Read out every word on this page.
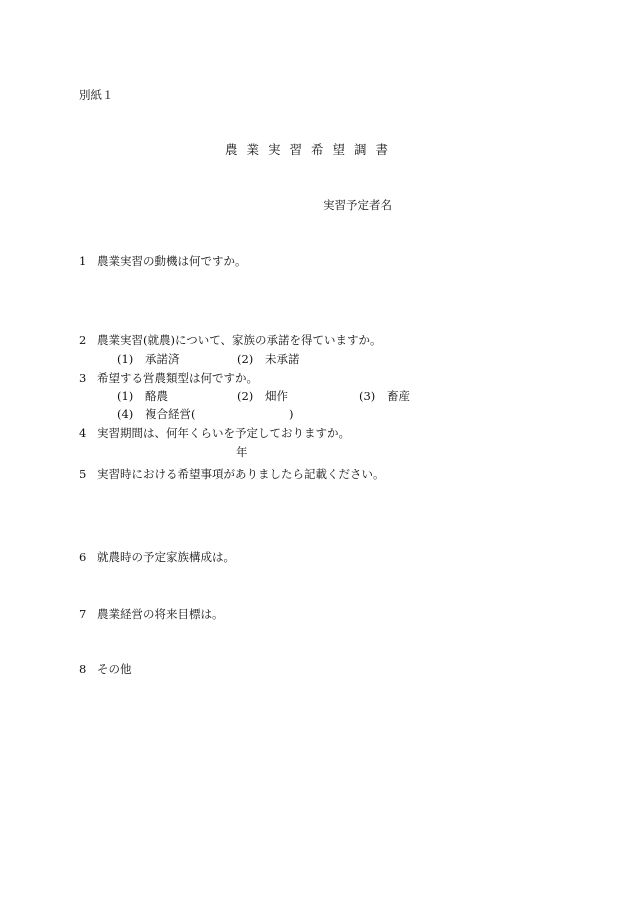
別紙１
農業実習希望調書
実習予定者名
1 農業実習の動機は何ですか。
2 農業実習(就農)について、家族の承諾を得ていますか。
(1) 承諾済	(2) 未承諾
3 希望する営農類型は何ですか。
(1) 酪農	(2) 畑作	(3) 畜産
(4) 複合経営(	)
4 実習期間は、何年くらいを予定しておりますか。
年
5 実習時における希望事項がありましたら記載ください。
6 就農時の予定家族構成は。
7 農業経営の将来目標は。
8 その他
